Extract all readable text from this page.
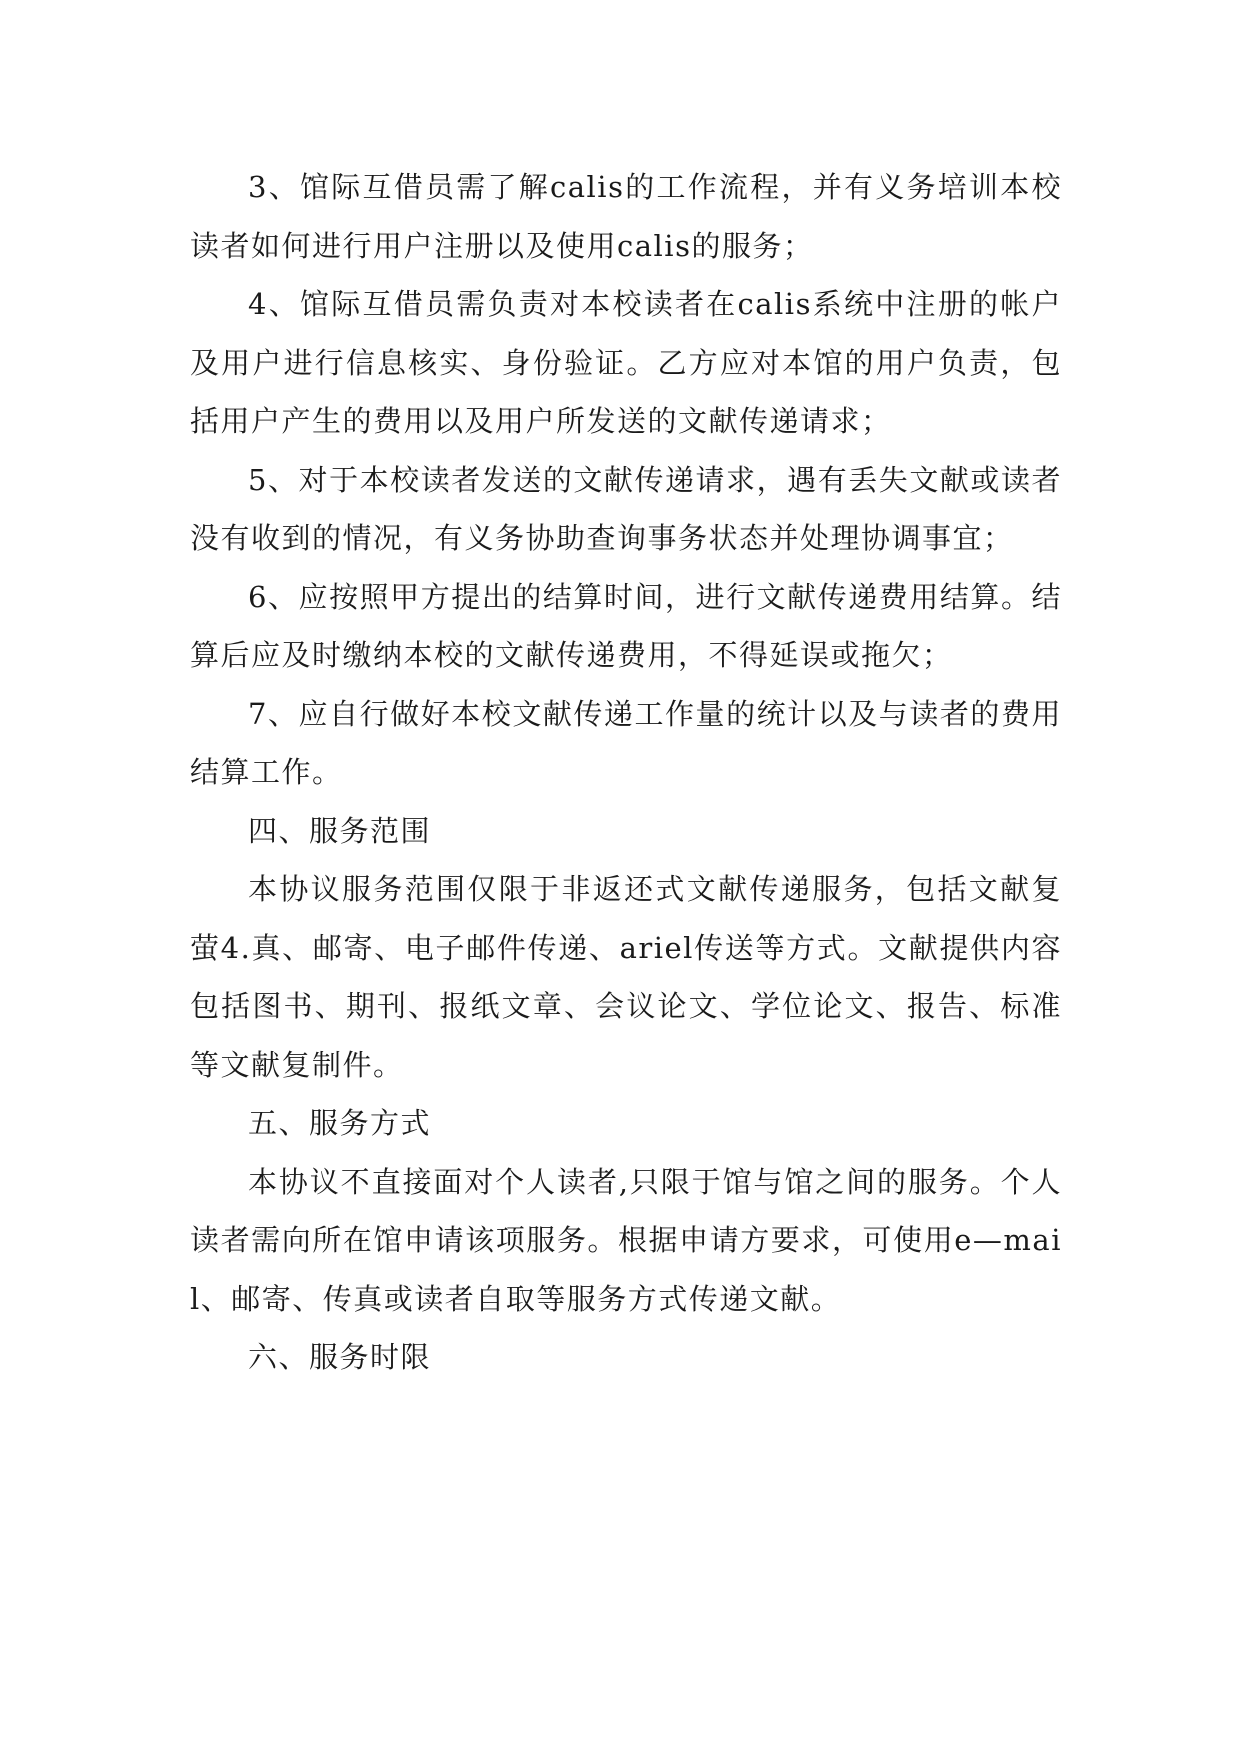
3、馆际互借员需了解calis的工作流程，并有义务培训本校读者如何进行用户注册以及使用calis的服务；

4、馆际互借员需负责对本校读者在calis系统中注册的帐户及用户进行信息核实、身份验证。乙方应对本馆的用户负责，包括用户产生的费用以及用户所发送的文献传递请求；

5、对于本校读者发送的文献传递请求，遇有丢失文献或读者没有收到的情况，有义务协助查询事务状态并处理协调事宜；

6、应按照甲方提出的结算时间，进行文献传递费用结算。结算后应及时缴纳本校的文献传递费用，不得延误或拖欠；

7、应自行做好本校文献传递工作量的统计以及与读者的费用结算工作。

四、服务范围

本协议服务范围仅限于非返还式文献传递服务，包括文献复萤4.真、邮寄、电子邮件传递、ariel传送等方式。文献提供内容包括图书、期刊、报纸文章、会议论文、学位论文、报告、标准等文献复制件。

五、服务方式

本协议不直接面对个人读者,只限于馆与馆之间的服务。个人读者需向所在馆申请该项服务。根据申请方要求，可使用e—mail、邮寄、传真或读者自取等服务方式传递文献。

六、服务时限
